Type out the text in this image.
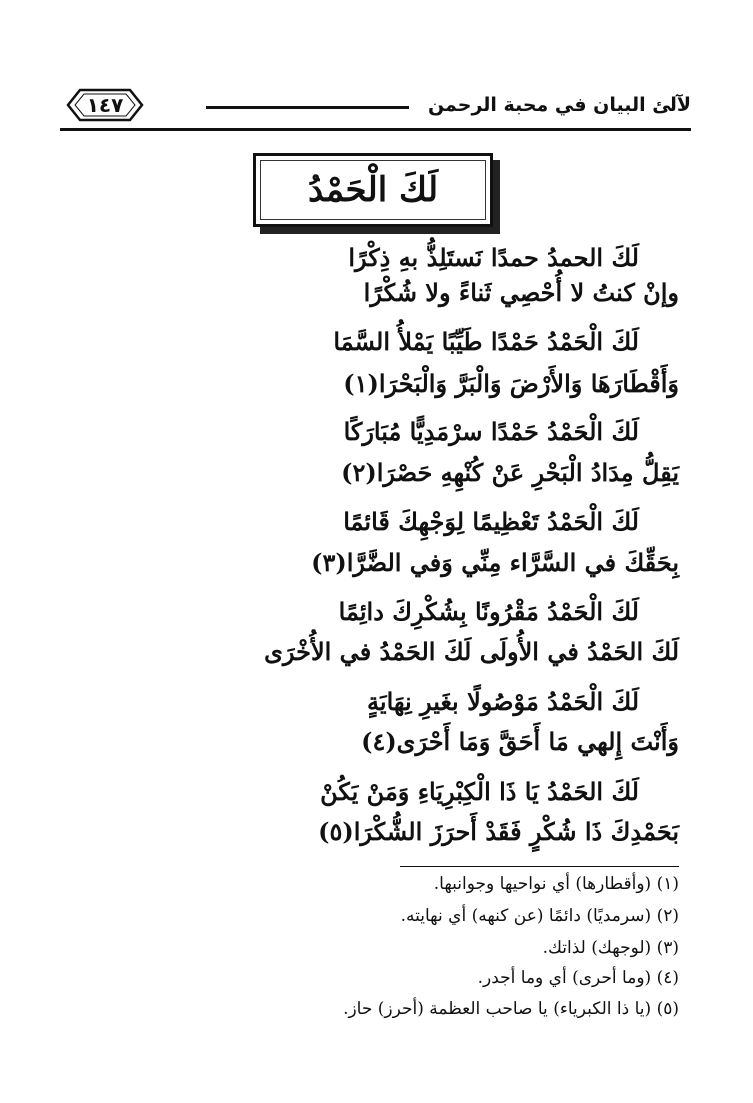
لآلئ البيان في محبة الرحمن
١٤٧
لَكَ الْحَمْدُ
لَكَ الحمدُ حمدًا نَستَلِذُّ بهِ ذِكْرًا
وإنْ كنتُ لا أُحْصِي ثَناءً ولا شُكْرًا
لَكَ الْحَمْدُ حَمْدًا طَيِّبًا يَمْلأُ السَّمَا
وَأَقْطَارَهَا وَالأَرْضَ وَالْبَرَّ وَالْبَحْرَا(١)
لَكَ الْحَمْدُ حَمْدًا سرْمَدِيًّا مُبَارَكًا
يَقِلُّ مِدَادُ الْبَحْرِ عَنْ كُنْهِهِ حَصْرَا(٢)
لَكَ الْحَمْدُ تَعْظِيمًا لِوَجْهِكَ قَائمًا
بِحَقِّكَ في السَّرَّاء مِنِّي وَفي الضَّرَّا(٣)
لَكَ الْحَمْدُ مَقْرُونًا بِشُكْرِكَ دائِمًا
لَكَ الحَمْدُ في الأُولَى لَكَ الحَمْدُ في الأُخْرَى
لَكَ الْحَمْدُ مَوْصُولًا بغَيرِ نِهَايَةٍ
وَأَنْتَ إِلهي مَا أَحَقَّ وَمَا أَحْرَى(٤)
لَكَ الحَمْدُ يَا ذَا الْكِبْرِيَاءِ وَمَنْ يَكُنْ
بَحَمْدِكَ ذَا شُكْرٍ فَقَدْ أَحرَزَ الشُّكْرَا(٥)
(١) (وأقطارها) أي نواحيها وجوانبها.
(٢) (سرمديًا) دائمًا (عن كنهه) أي نهايته.
(٣) (لوجهك) لذاتك.
(٤) (وما أحرى) أي وما أجدر.
(٥) (يا ذا الكبرياء) يا صاحب العظمة (أحرز) حاز.
